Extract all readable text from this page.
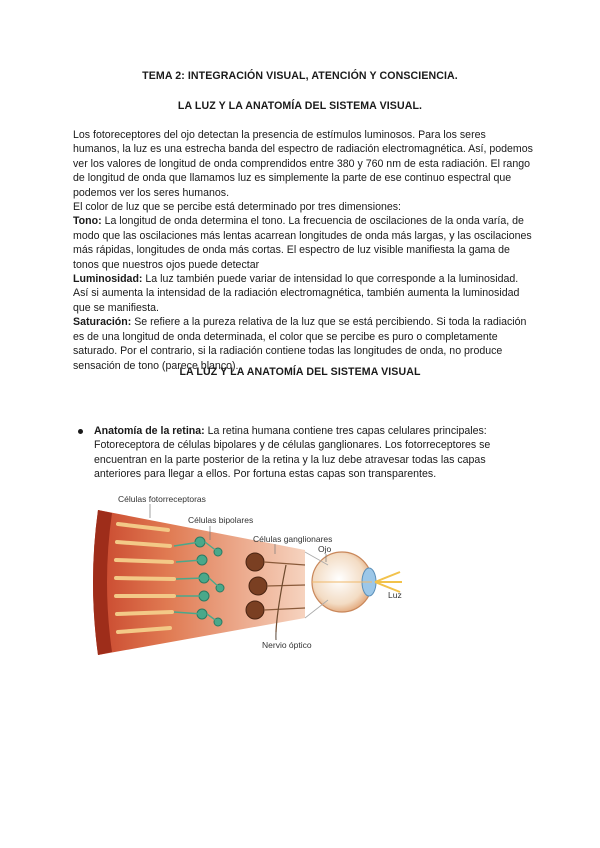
TEMA 2: INTEGRACIÓN VISUAL, ATENCIÓN Y CONSCIENCIA.
LA LUZ Y LA ANATOMÍA DEL SISTEMA VISUAL.

Los fotoreceptores del ojo detectan la presencia de estímulos luminosos. Para los seres humanos, la luz es una estrecha banda del espectro de radiación electromagnética. Así, podemos ver los valores de longitud de onda comprendidos entre 380 y 760 nm de esta radiación. El rango de longitud de onda que llamamos luz es simplemente la parte de ese continuo espectral que podemos ver los seres humanos.

El color de luz que se percibe está determinado por tres dimensiones:

Tono: La longitud de onda determina el tono. La frecuencia de oscilaciones de la onda varía, de modo que las oscilaciones más lentas acarrean longitudes de onda más largas, y las oscilaciones más rápidas, longitudes de onda más cortas. El espectro de luz visible manifiesta la gama de tonos que nuestros ojos puede detectar

Luminosidad: La luz también puede variar de intensidad lo que corresponde a la luminosidad. Así si aumenta la intensidad de la radiación electromagnética, también aumenta la luminosidad que se manifiesta.

Saturación: Se refiere a la pureza relativa de la luz que se está percibiendo. Si toda la radiación es de una longitud de onda determinada, el color que se percibe es puro o completamente saturado. Por el contrario, si la radiación contiene todas las longitudes de onda, no produce sensación de tono (parece blanco).

LA LUZ Y LA ANATOMÍA DEL SISTEMA VISUAL
Anatomía de la retina: La retina humana contiene tres capas celulares principales: Fotoreceptora de células bipolares y de células ganglionares. Los fotorreceptores se encuentran en la parte posterior de la retina y la luz debe atravesar todas las capas anteriores para llegar a ellos. Por fortuna estas capas son transparentes.
Células fotorreceptoras
Células bipolares
Células ganglionares
Ojo
Luz
Nervio óptico
